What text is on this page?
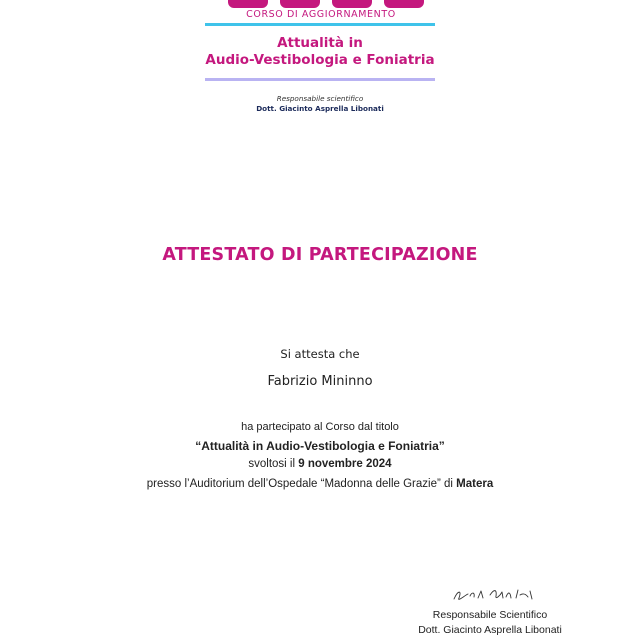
CORSO DI AGGIORNAMENTO
Attualità in
Audio-Vestibologia e Foniatria
Responsabile scientifico
Dott. Giacinto Asprella Libonati
ATTESTATO DI PARTECIPAZIONE
Si attesta che
Fabrizio Mininno
ha partecipato al Corso dal titolo
“Attualità in Audio-Vestibologia e Foniatria”
svoltosi il 9 novembre 2024
presso l’Auditorium dell’Ospedale “Madonna delle Grazie” di Matera
Responsabile Scientifico
Dott. Giacinto Asprella Libonati
